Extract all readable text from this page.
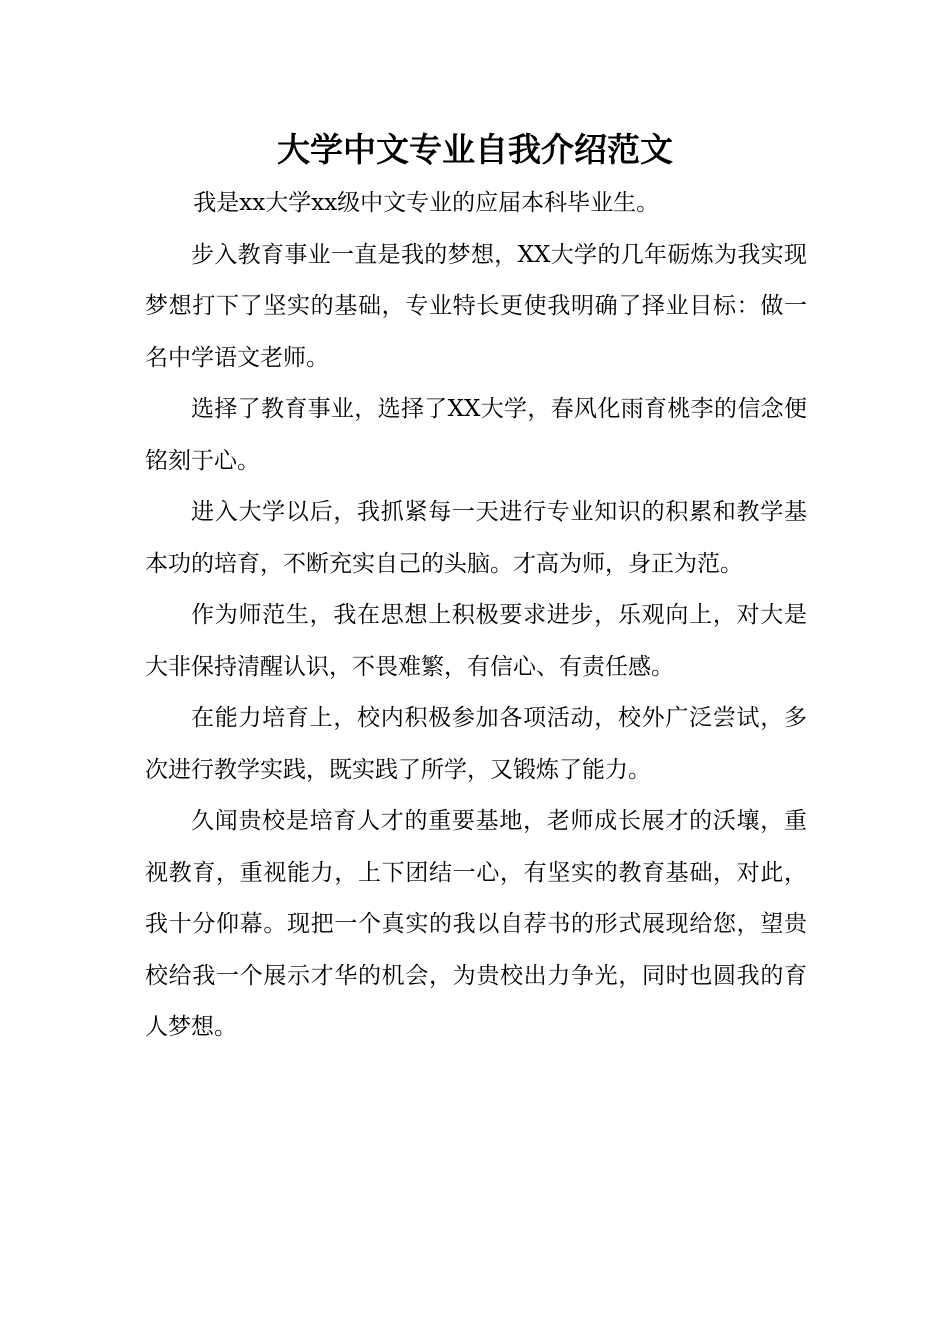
大学中文专业自我介绍范文

我是xx大学xx级中文专业的应届本科毕业生。

步入教育事业一直是我的梦想，XX大学的几年砺炼为我实现梦想打下了坚实的基础，专业特长更使我明确了择业目标：做一名中学语文老师。

选择了教育事业，选择了XX大学，春风化雨育桃李的信念便铭刻于心。

进入大学以后，我抓紧每一天进行专业知识的积累和教学基本功的培育，不断充实自己的头脑。才高为师，身正为范。

作为师范生，我在思想上积极要求进步，乐观向上，对大是大非保持清醒认识，不畏难繁，有信心、有责任感。

在能力培育上，校内积极参加各项活动，校外广泛尝试，多次进行教学实践，既实践了所学，又锻炼了能力。

久闻贵校是培育人才的重要基地，老师成长展才的沃壤，重视教育，重视能力，上下团结一心，有坚实的教育基础，对此，我十分仰幕。现把一个真实的我以自荐书的形式展现给您，望贵校给我一个展示才华的机会，为贵校出力争光，同时也圆我的育人梦想。
